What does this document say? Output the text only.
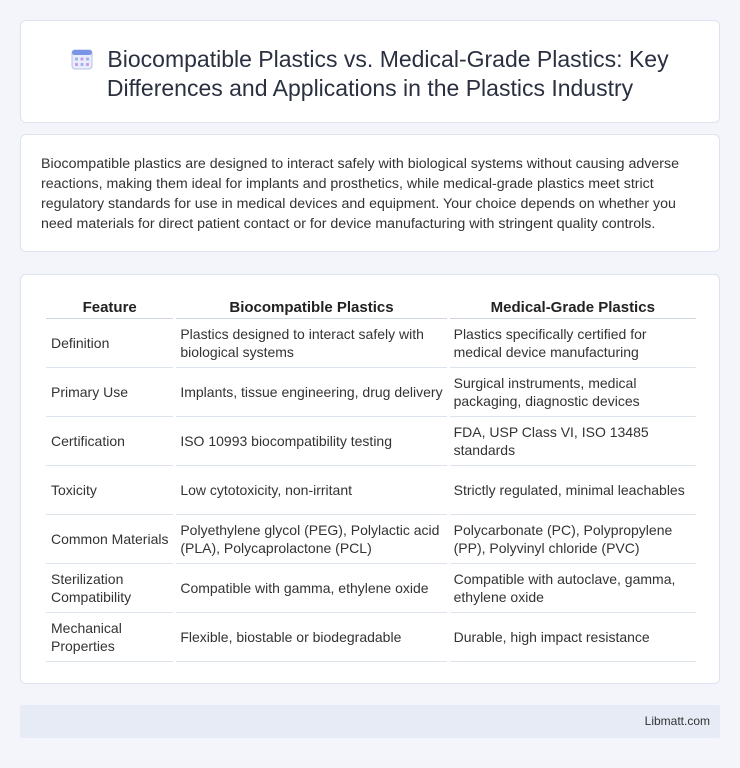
Biocompatible Plastics vs. Medical-Grade Plastics: Key
Differences and Applications in the Plastics Industry

Biocompatible plastics are designed to interact safely with biological systems without causing adverse reactions, making them ideal for implants and prosthetics, while medical-grade plastics meet strict regulatory standards for use in medical devices and equipment. Your choice depends on whether you need materials for direct patient contact or for device manufacturing with stringent quality controls.

Feature	Biocompatible Plastics	Medical-Grade Plastics
Definition	Plastics designed to interact safely with biological systems	Plastics specifically certified for medical device manufacturing
Primary Use	Implants, tissue engineering, drug delivery	Surgical instruments, medical packaging, diagnostic devices
Certification	ISO 10993 biocompatibility testing	FDA, USP Class VI, ISO 13485 standards
Toxicity	Low cytotoxicity, non-irritant	Strictly regulated, minimal leachables
Common Materials	Polyethylene glycol (PEG), Polylactic acid (PLA), Polycaprolactone (PCL)	Polycarbonate (PC), Polypropylene (PP), Polyvinyl chloride (PVC)
Sterilization Compatibility	Compatible with gamma, ethylene oxide	Compatible with autoclave, gamma, ethylene oxide
Mechanical Properties	Flexible, biostable or biodegradable	Durable, high impact resistance
Libmatt.com
